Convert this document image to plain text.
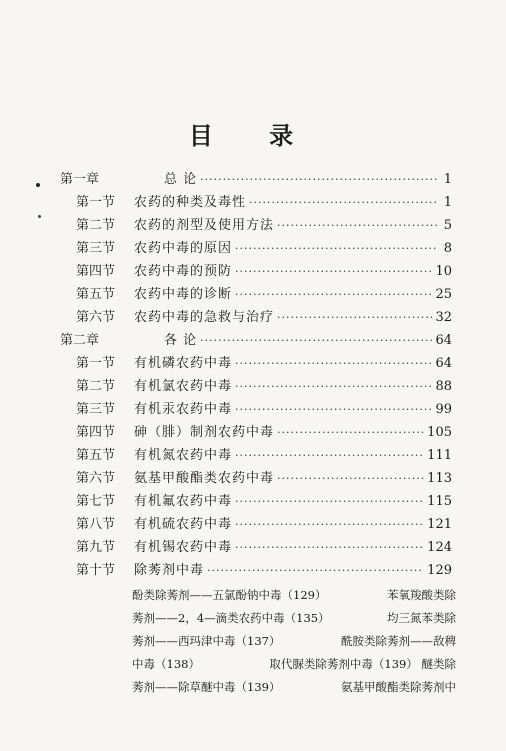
目 录
第一章	总 论 ·····	1
第一节	农药的种类及毒性 ·····	1
第二节	农药的剂型及使用方法 ·····	5
第三节	农药中毒的原因 ·····	8
第四节	农药中毒的预防 ·····	10
第五节	农药中毒的诊断 ·····	25
第六节	农药中毒的急救与治疗 ·····	32
第二章	各 论 ·····	64
第一节	有机磷农药中毒 ·····	64
第二节	有机氯农药中毒 ·····	88
第三节	有机汞农药中毒 ·····	99
第四节	砷（腓）制剂农药中毒 ·····	105
第五节	有机氮农药中毒 ·····	111
第六节	氨基甲酸酯类农药中毒 ·····	113
第七节	有机氟农药中毒 ·····	115
第八节	有机硫农药中毒 ·····	121
第九节	有机锡农药中毒 ·····	124
第十节	除莠剂中毒 ·····	129
酚类除莠剂——五氯酚钠中毒（129）	苯氧羧酸类除
莠剂——2，4—滴类农药中毒（135）	均三氮苯类除
莠剂——西玛津中毒（137）	酰胺类除莠剂——敌稗
中毒（138）	取代脲类除莠剂中毒（139） 醚类除
莠剂——除草醚中毒（139）	氨基甲酸酯类除莠剂中
